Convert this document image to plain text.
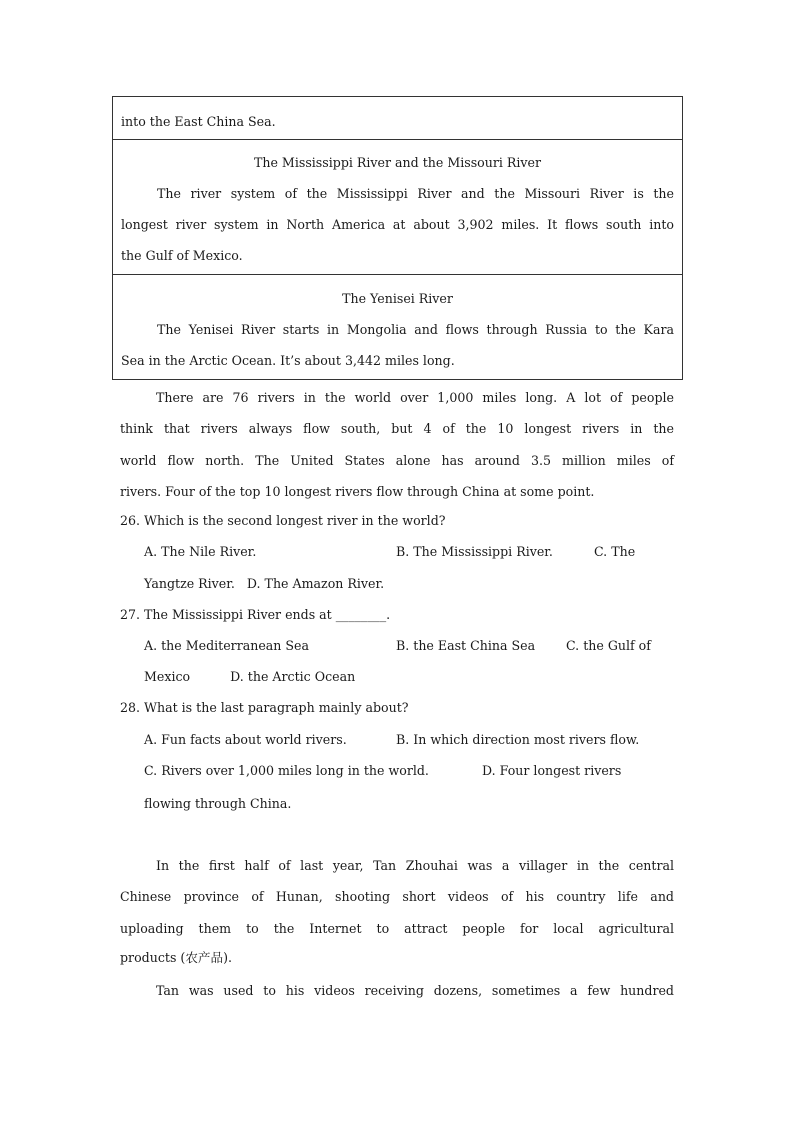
into the East China Sea.
The Mississippi River and the Missouri River
The river system of the Mississippi River and the Missouri River is the
longest river system in North America at about 3,902 miles. It flows south into
the Gulf of Mexico.
The Yenisei River
The Yenisei River starts in Mongolia and flows through Russia to the Kara
Sea in the Arctic Ocean. It’s about 3,442 miles long.
There are 76 rivers in the world over 1,000 miles long. A lot of people
think that rivers always flow south, but 4 of the 10 longest rivers in the
world flow north. The United States alone has around 3.5 million miles of
rivers. Four of the top 10 longest rivers flow through China at some point.
26. Which is the second longest river in the world?
A. The Nile River.	B. The Mississippi River.	C. The
Yangtze River.   D. The Amazon River.
27. The Mississippi River ends at ________.
A. the Mediterranean Sea	B. the East China Sea C. the Gulf of
Mexico          D. the Arctic Ocean
28. What is the last paragraph mainly about?
A. Fun facts about world rivers.	B. In which direction most rivers flow.
C. Rivers over 1,000 miles long in the world.	D. Four longest rivers
flowing through China.
In the first half of last year, Tan Zhouhai was a villager in the central
Chinese province of Hunan, shooting short videos of his country life and
uploading them to the Internet to attract people for local agricultural
products (农产品).
Tan was used to his videos receiving dozens, sometimes a few hundred
